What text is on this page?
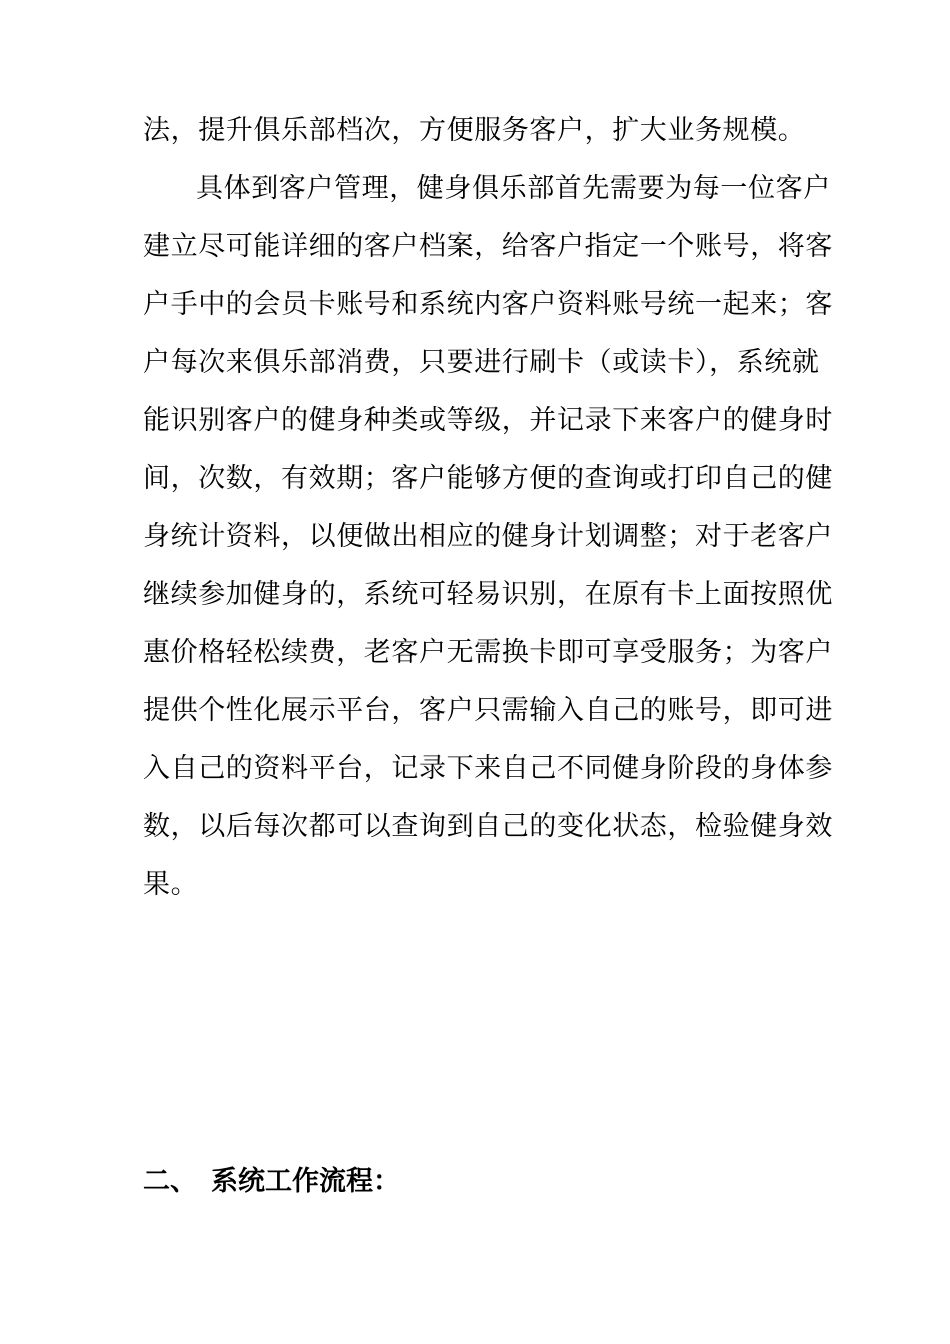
法，提升俱乐部档次，方便服务客户，扩大业务规模。
具体到客户管理，健身俱乐部首先需要为每一位客户
建立尽可能详细的客户档案，给客户指定一个账号，将客
户手中的会员卡账号和系统内客户资料账号统一起来；客
户每次来俱乐部消费，只要进行刷卡（或读卡），系统就
能识别客户的健身种类或等级，并记录下来客户的健身时
间，次数，有效期；客户能够方便的查询或打印自己的健
身统计资料，以便做出相应的健身计划调整；对于老客户
继续参加健身的，系统可轻易识别，在原有卡上面按照优
惠价格轻松续费，老客户无需换卡即可享受服务；为客户
提供个性化展示平台，客户只需输入自己的账号，即可进
入自己的资料平台，记录下来自己不同健身阶段的身体参
数，以后每次都可以查询到自己的变化状态，检验健身效
果。
二、 系统工作流程：
